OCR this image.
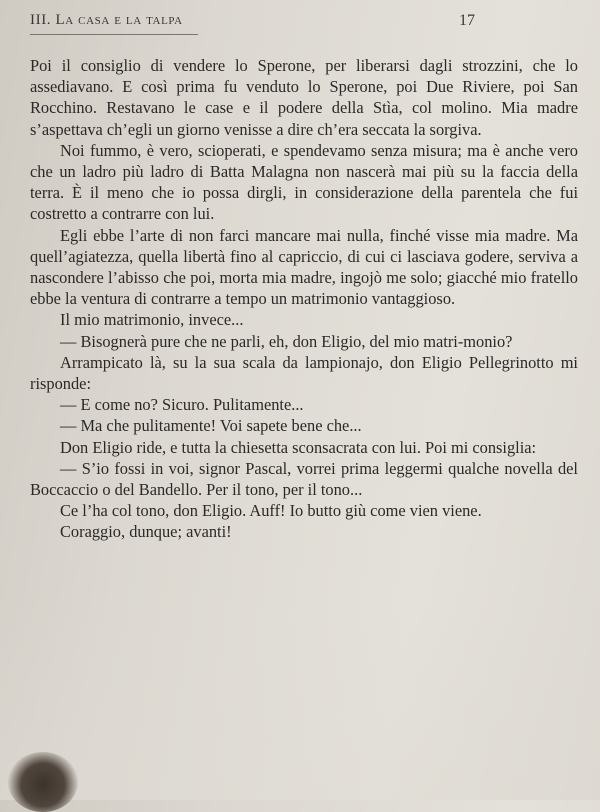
III. La casa e la talpa	17

Poi il consiglio di vendere lo Sperone, per liberarsi dagli strozzini, che lo assediavano. E così prima fu venduto lo Sperone, poi Due Riviere, poi San Rocchino. Restavano le case e il podere della Stìa, col molino. Mia madre s’aspettava ch’egli un giorno venisse a dire ch’era seccata la sorgiva.

Noi fummo, è vero, scioperati, e spendevamo senza misura; ma è anche vero che un ladro più ladro di Batta Malagna non nascerà mai più su la faccia della terra. È il meno che io possa dirgli, in considerazione della parentela che fui costretto a contrarre con lui.

Egli ebbe l’arte di non farci mancare mai nulla, finché visse mia madre. Ma quell’agiatezza, quella libertà fino al capriccio, di cui ci lasciava godere, serviva a nascondere l’abisso che poi, morta mia madre, ingojò me solo; giacché mio fratello ebbe la ventura di contrarre a tempo un matrimonio vantaggioso.

Il mio matrimonio, invece...

— Bisognerà pure che ne parli, eh, don Eligio, del mio matri-monio?

Arrampicato là, su la sua scala da lampionajo, don Eligio Pellegrinotto mi risponde:

— E come no? Sicuro. Pulitamente...

— Ma che pulitamente! Voi sapete bene che...

Don Eligio ride, e tutta la chiesetta sconsacrata con lui. Poi mi consiglia:

— S’io fossi in voi, signor Pascal, vorrei prima leggermi qualche novella del Boccaccio o del Bandello. Per il tono, per il tono...

Ce l’ha col tono, don Eligio. Auff! Io butto giù come vien viene.

Coraggio, dunque; avanti!
